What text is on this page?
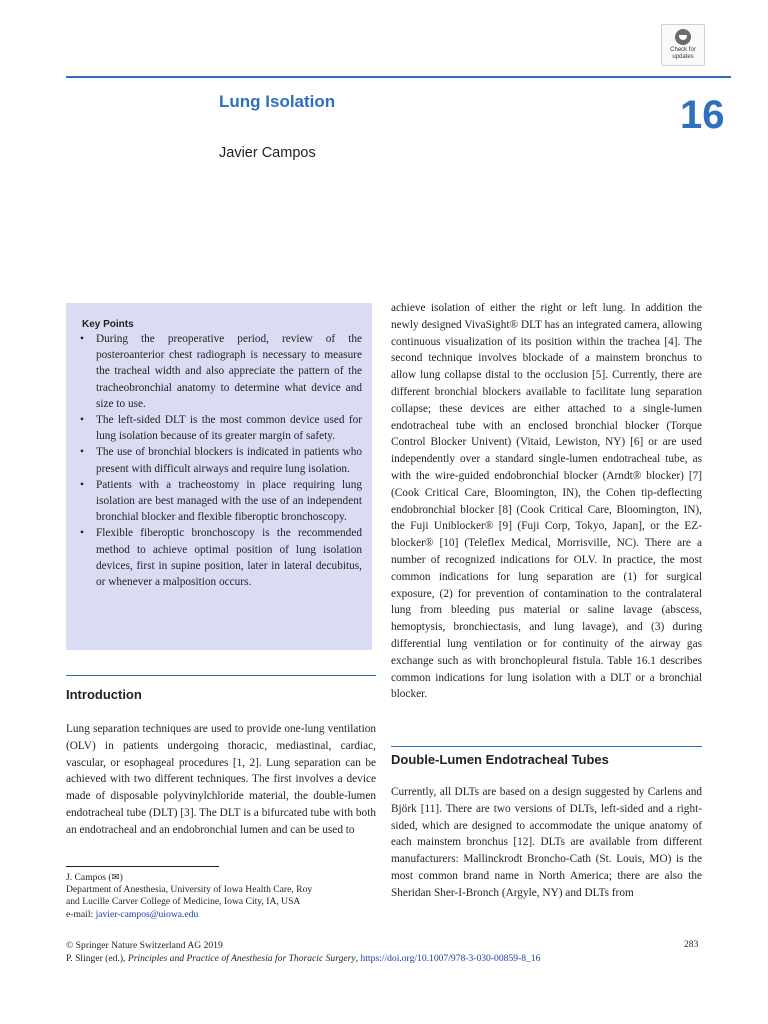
Check for updates
Lung Isolation	16
Javier Campos
Key Points
• During the preoperative period, review of the posteroanterior chest radiograph is necessary to measure the tracheal width and also appreciate the pattern of the tracheobronchial anatomy to determine what device and size to use.
• The left-sided DLT is the most common device used for lung isolation because of its greater margin of safety.
• The use of bronchial blockers is indicated in patients who present with difficult airways and require lung isolation.
• Patients with a tracheostomy in place requiring lung isolation are best managed with the use of an independent bronchial blocker and flexible fiberoptic bronchoscopy.
• Flexible fiberoptic bronchoscopy is the recommended method to achieve optimal position of lung isolation devices, first in supine position, later in lateral decubitus, or whenever a malposition occurs.
Introduction

Lung separation techniques are used to provide one-lung ventilation (OLV) in patients undergoing thoracic, mediastinal, cardiac, vascular, or esophageal procedures [1, 2]. Lung separation can be achieved with two different techniques. The first involves a device made of disposable polyvinylchloride material, the double-lumen endotracheal tube (DLT) [3]. The DLT is a bifurcated tube with both an endotracheal and an endobronchial lumen and can be used to

achieve isolation of either the right or left lung. In addition the newly designed VivaSight® DLT has an integrated camera, allowing continuous visualization of its position within the trachea [4]. The second technique involves blockade of a mainstem bronchus to allow lung collapse distal to the occlusion [5]. Currently, there are different bronchial blockers available to facilitate lung separation collapse; these devices are either attached to a single-lumen endotracheal tube with an enclosed bronchial blocker (Torque Control Blocker Univent) (Vitaid, Lewiston, NY) [6] or are used independently over a standard single-lumen endotracheal tube, as with the wire-guided endobronchial blocker (Arndt® blocker) [7] (Cook Critical Care, Bloomington, IN), the Cohen tip-deflecting endobronchial blocker [8] (Cook Critical Care, Bloomington, IN), the Fuji Uniblocker® [9] (Fuji Corp, Tokyo, Japan], or the EZ-blocker® [10] (Teleflex Medical, Morrisville, NC). There are a number of recognized indications for OLV. In practice, the most common indications for lung separation are (1) for surgical exposure, (2) for prevention of contamination to the contralateral lung from bleeding pus material or saline lavage (abscess, hemoptysis, bronchiectasis, and lung lavage), and (3) during differential lung ventilation or for continuity of the airway gas exchange such as with bronchopleural fistula. Table 16.1 describes common indications for lung isolation with a DLT or a bronchial blocker.

Double-Lumen Endotracheal Tubes

Currently, all DLTs are based on a design suggested by Carlens and Björk [11]. There are two versions of DLTs, left-sided and a right-sided, which are designed to accommodate the unique anatomy of each mainstem bronchus [12]. DLTs are available from different manufacturers: Mallinckrodt Broncho-Cath (St. Louis, MO) is the most common brand name in North America; there are also the Sheridan Sher-I-Bronch (Argyle, NY) and DLTs from

J. Campos (✉)
Department of Anesthesia, University of Iowa Health Care, Roy
and Lucille Carver College of Medicine, Iowa City, IA, USA
e-mail: javier-campos@uiowa.edu
© Springer Nature Switzerland AG 2019
P. Slinger (ed.), Principles and Practice of Anesthesia for Thoracic Surgery, https://doi.org/10.1007/978-3-030-00859-8_16
283
